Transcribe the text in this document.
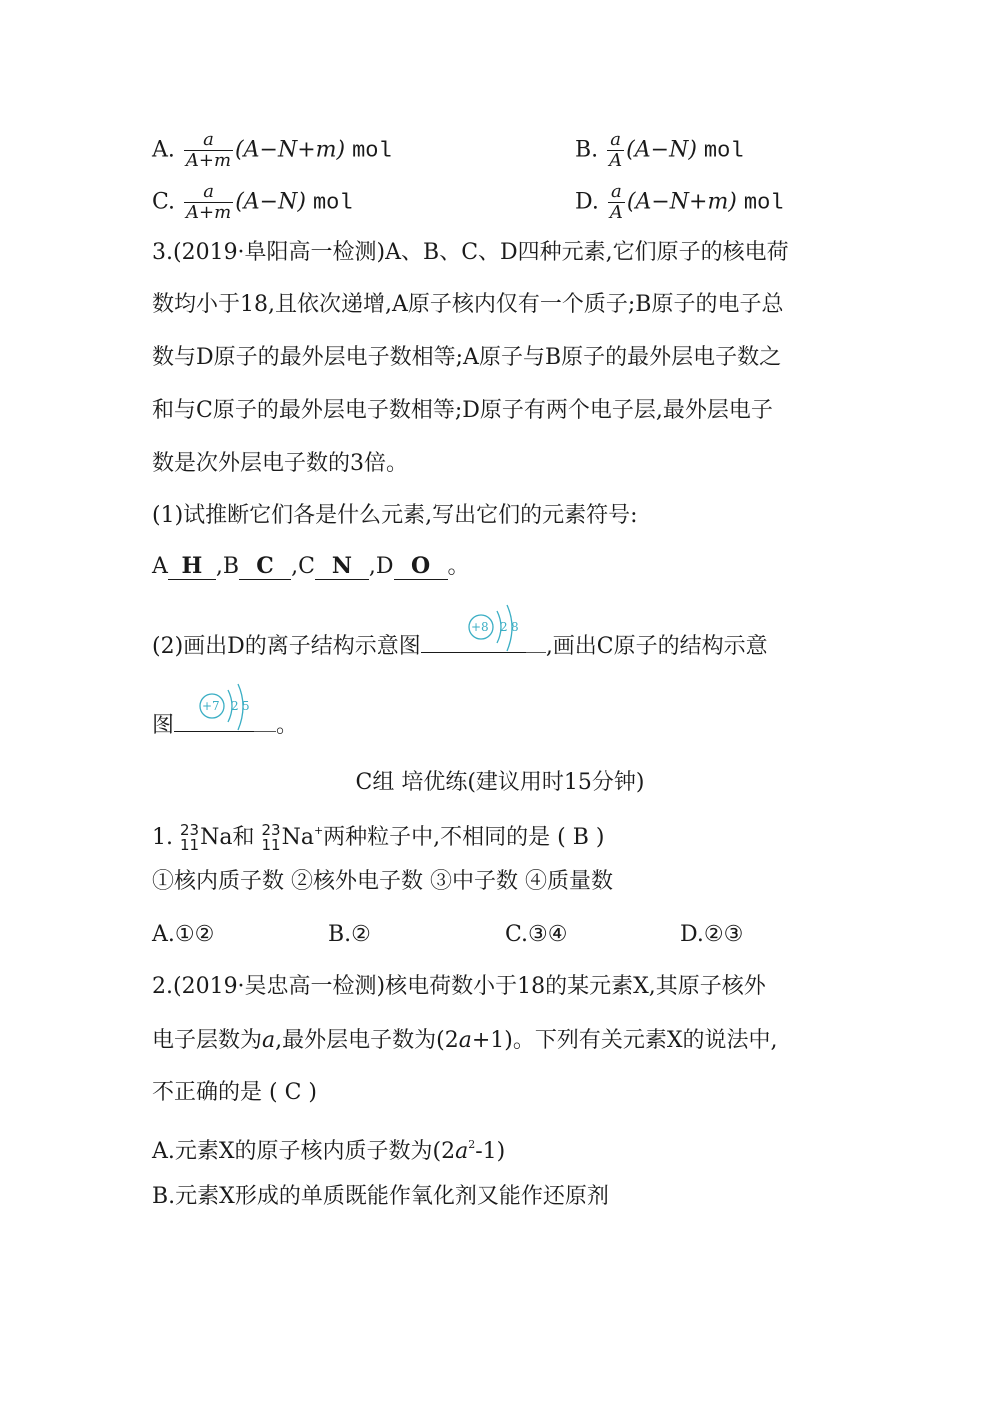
A. $\frac{a}{A+m} (A-N+m)$ mol	B. $\frac{a}{A} (A-N)$ mol
C. $\frac{a}{A+m} (A-N)$ mol	D. $\frac{a}{A} (A-N+m)$ mol
3.(2019·阜阳高一检测)A、B、C、D四种元素,它们原子的核电荷
数均小于18,且依次递增,A原子核内仅有一个质子;B原子的电子总
数与D原子的最外层电子数相等;A原子与B原子的最外层电子数之
和与C原子的最外层电子数相等;D原子有两个电子层,最外层电子
数是次外层电子数的3倍。
(1)试推断它们各是什么元素,写出它们的元素符号:
A H ,B C ,C N ,D O 。
(2)画出D的离子结构示意图	,画出C原子的结构示意
图	。
+8 2 8
+7 2 5
C组 培优练(建议用时15分钟)
1. 23
11 Na和 23
11 Na+两种粒子中,不相同的是 ( B )
①核内质子数 ②核外电子数 ③中子数 ④质量数
A.①②	B.②	C.③④	D.②③
2.(2019·吴忠高一检测)核电荷数小于18的某元素X,其原子核外
电子层数为a,最外层电子数为(2a+1)。下列有关元素X的说法中,
不正确的是 ( C )
A.元素X的原子核内质子数为$(2a^2-1)$
B.元素X形成的单质既能作氧化剂又能作还原剂
